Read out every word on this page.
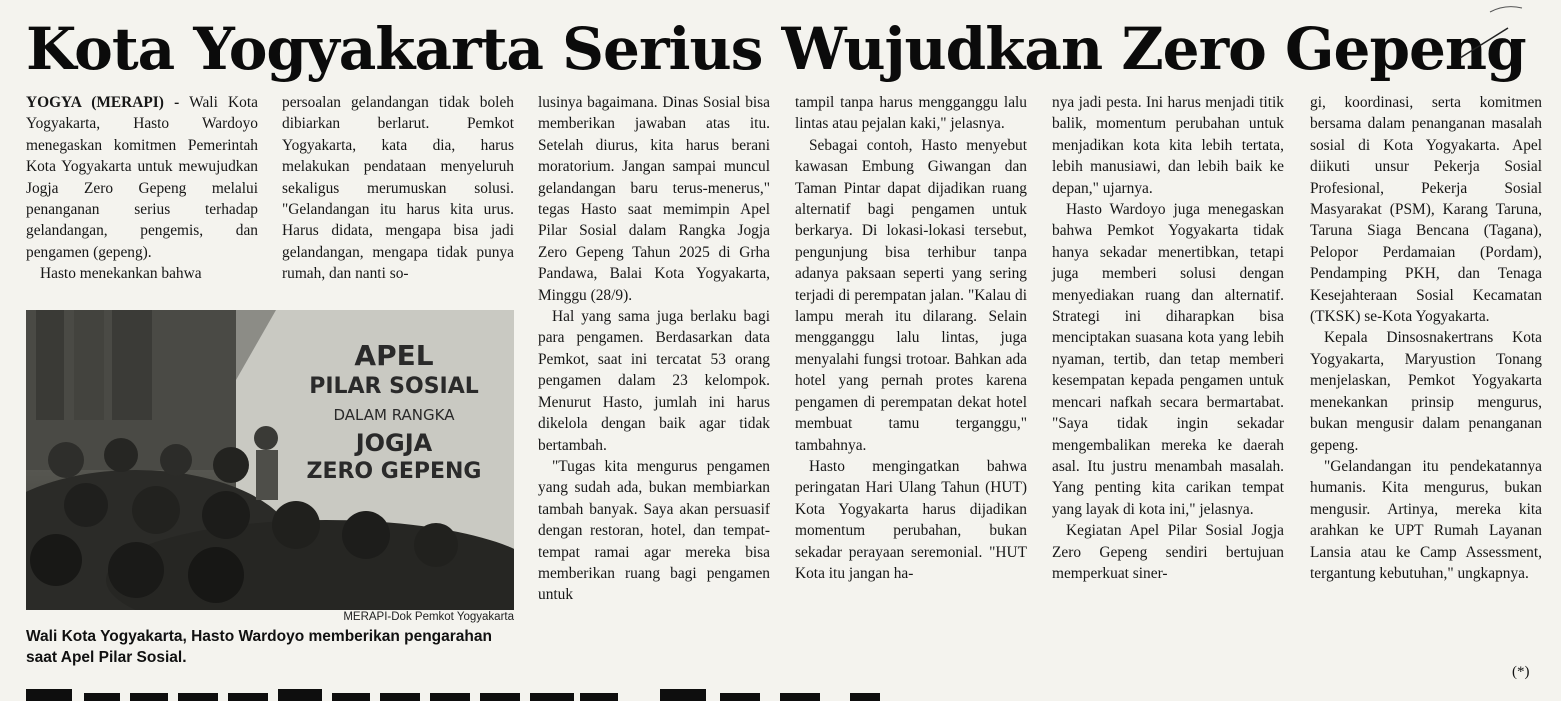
Kota Yogyakarta Serius Wujudkan Zero Gepeng

YOGYA (MERAPI) - Wali Kota Yogyakarta, Hasto Wardoyo menegaskan komitmen Pemerintah Kota Yogyakarta untuk mewujudkan Jogja Zero Gepeng melalui penanganan serius terhadap gelandangan, pengemis, dan pengamen (gepeng).

Hasto menekankan bahwa

APEL
PILAR SOSIAL
DALAM RANGKA
JOGJA
ZERO GEPENG
MERAPI-Dok Pemkot Yogyakarta
Wali Kota Yogyakarta, Hasto Wardoyo memberikan pengarahan saat Apel Pilar Sosial.

persoalan gelandangan tidak boleh dibiarkan berlarut. Pemkot Yogyakarta, kata dia, harus melakukan pendataan menyeluruh sekaligus merumuskan solusi. "Gelandangan itu harus kita urus. Harus didata, mengapa bisa jadi gelandangan, mengapa tidak punya rumah, dan nanti so-

lusinya bagaimana. Dinas Sosial bisa memberikan jawaban atas itu. Setelah diurus, kita harus berani moratorium. Jangan sampai muncul gelandangan baru terus-menerus," tegas Hasto saat memimpin Apel Pilar Sosial dalam Rangka Jogja Zero Gepeng Tahun 2025 di Grha Pandawa, Balai Kota Yogyakarta, Minggu (28/9).

Hal yang sama juga berlaku bagi para pengamen. Berdasarkan data Pemkot, saat ini tercatat 53 orang pengamen dalam 23 kelompok. Menurut Hasto, jumlah ini harus dikelola dengan baik agar tidak bertambah.

"Tugas kita mengurus pengamen yang sudah ada, bukan membiarkan tambah banyak. Saya akan persuasif dengan restoran, hotel, dan tempat-tempat ramai agar mereka bisa memberikan ruang bagi pengamen untuk

tampil tanpa harus mengganggu lalu lintas atau pejalan kaki," jelasnya.

Sebagai contoh, Hasto menyebut kawasan Embung Giwangan dan Taman Pintar dapat dijadikan ruang alternatif bagi pengamen untuk berkarya. Di lokasi-lokasi tersebut, pengunjung bisa terhibur tanpa adanya paksaan seperti yang sering terjadi di perempatan jalan. "Kalau di lampu merah itu dilarang. Selain mengganggu lalu lintas, juga menyalahi fungsi trotoar. Bahkan ada hotel yang pernah protes karena pengamen di perempatan dekat hotel membuat tamu terganggu," tambahnya.

Hasto mengingatkan bahwa peringatan Hari Ulang Tahun (HUT) Kota Yogyakarta harus dijadikan momentum perubahan, bukan sekadar perayaan seremonial. "HUT Kota itu jangan ha-

nya jadi pesta. Ini harus menjadi titik balik, momentum perubahan untuk menjadikan kota kita lebih tertata, lebih manusiawi, dan lebih baik ke depan," ujarnya.

Hasto Wardoyo juga menegaskan bahwa Pemkot Yogyakarta tidak hanya sekadar menertibkan, tetapi juga memberi solusi dengan menyediakan ruang dan alternatif. Strategi ini diharapkan bisa menciptakan suasana kota yang lebih nyaman, tertib, dan tetap memberi kesempatan kepada pengamen untuk mencari nafkah secara bermartabat. "Saya tidak ingin sekadar mengembalikan mereka ke daerah asal. Itu justru menambah masalah. Yang penting kita carikan tempat yang layak di kota ini," jelasnya.

Kegiatan Apel Pilar Sosial Jogja Zero Gepeng sendiri bertujuan memperkuat siner-

gi, koordinasi, serta komitmen bersama dalam penanganan masalah sosial di Kota Yogyakarta. Apel diikuti unsur Pekerja Sosial Profesional, Pekerja Sosial Masyarakat (PSM), Karang Taruna, Taruna Siaga Bencana (Tagana), Pelopor Perdamaian (Pordam), Pendamping PKH, dan Tenaga Kesejahteraan Sosial Kecamatan (TKSK) se-Kota Yogyakarta.

Kepala Dinsosnakertrans Kota Yogyakarta, Maryustion Tonang menjelaskan, Pemkot Yogyakarta menekankan prinsip mengurus, bukan mengusir dalam penanganan gepeng.

"Gelandangan itu pendekatannya humanis. Kita mengurus, bukan mengusir. Artinya, mereka kita arahkan ke UPT Rumah Layanan Lansia atau ke Camp Assessment, tergantung kebutuhan," ungkapnya.

(*)
